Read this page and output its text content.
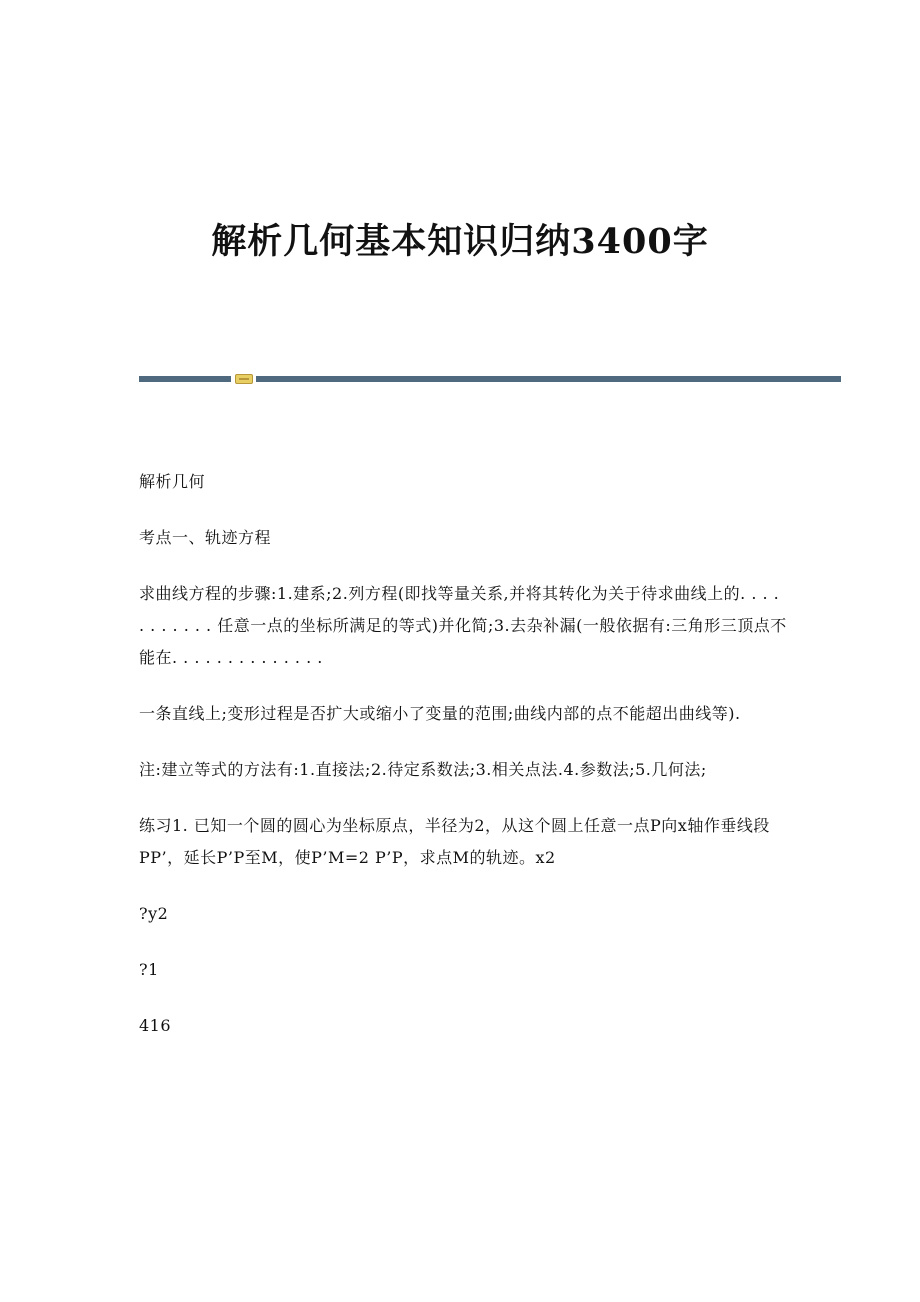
解析几何基本知识归纳3400字

解析几何

考点一、轨迹方程

求曲线方程的步骤:1.建系;2.列方程(即找等量关系,并将其转化为关于待求曲线上的. . . . . . . . . . . 任意一点的坐标所满足的等式)并化简;3.去杂补漏(一般依据有:三角形三顶点不能在. . . . . . . . . . . . . .

一条直线上;变形过程是否扩大或缩小了变量的范围;曲线内部的点不能超出曲线等).

注:建立等式的方法有:1.直接法;2.待定系数法;3.相关点法.4.参数法;5.几何法;

练习1. 已知一个圆的圆心为坐标原点，半径为2，从这个圆上任意一点P向x轴作垂线段PP’，延长P’P至M，使P’M=2 P’P，求点M的轨迹。x2

?y2

?1

416
